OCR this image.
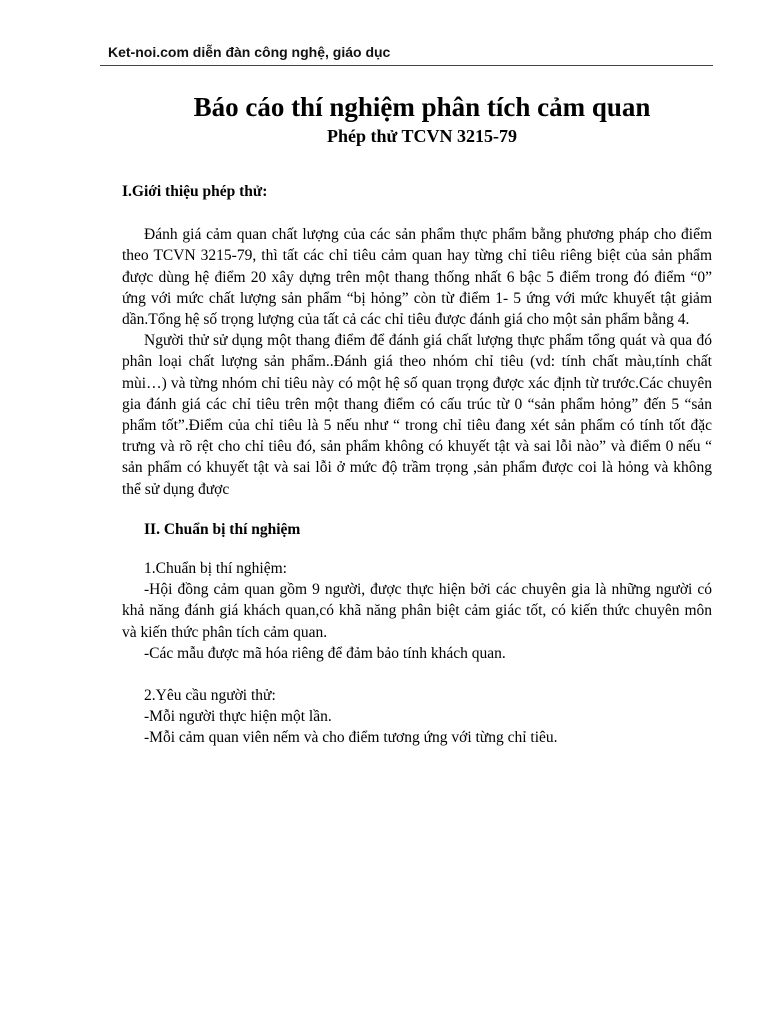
Ket-noi.com diễn đàn công nghệ, giáo dục
Báo cáo thí nghiệm phân tích cảm quan
Phép thử TCVN 3215-79

I.Giới thiệu phép thử:

Đánh giá cảm quan chất lượng của các sản phẩm thực phẩm bằng phương pháp cho điểm theo TCVN 3215-79, thì tất các chỉ tiêu cảm quan hay từng chỉ tiêu riêng biệt của sản phẩm được dùng hệ điểm 20 xây dựng trên một thang thống nhất 6 bậc 5 điểm trong đó điểm “0” ứng với mức chất lượng sản phẩm “bị hỏng” còn từ điểm 1- 5 ứng với mức khuyết tật giảm dần.Tổng hệ số trọng lượng của tất cả các chỉ tiêu được đánh giá cho một sản phẩm bằng 4.

Người thử sử dụng một thang điểm để đánh giá chất lượng thực phẩm tổng quát và qua đó phân loại chất lượng sản phẩm..Đánh giá theo nhóm chỉ tiêu (vd: tính chất màu,tính chất mùi…) và từng nhóm chỉ tiêu này có một hệ số quan trọng được xác định từ trước.Các chuyên gia đánh giá các chỉ tiêu trên một thang điểm có cấu trúc từ 0 “sản phẩm hỏng” đến 5 “sản phẩm tốt”.Điểm của chỉ tiêu là 5 nếu như “ trong chỉ tiêu đang xét sản phẩm có tính tốt đặc trưng và rõ rệt cho chỉ tiêu đó, sản phẩm không có khuyết tật và sai lỗi nào” và điểm 0 nếu “ sản phẩm có khuyết tật và sai lỗi ở mức độ trầm trọng ,sản phẩm được coi là hỏng và không thể sử dụng được

II. Chuẩn bị thí nghiệm

1.Chuẩn bị thí nghiệm:

-Hội đồng cảm quan gồm 9 người, được thực hiện bởi các chuyên gia là những người có khả năng đánh giá khách quan,có khã năng phân biệt cảm giác tốt, có kiến thức chuyên môn và kiến thức phân tích cảm quan.

-Các mẫu được mã hóa riêng để đảm bảo tính khách quan.

2.Yêu cầu người thử:

-Mỗi người thực hiện một lần.

-Mỗi cảm quan viên nếm và cho điểm tương ứng với từng chỉ tiêu.
